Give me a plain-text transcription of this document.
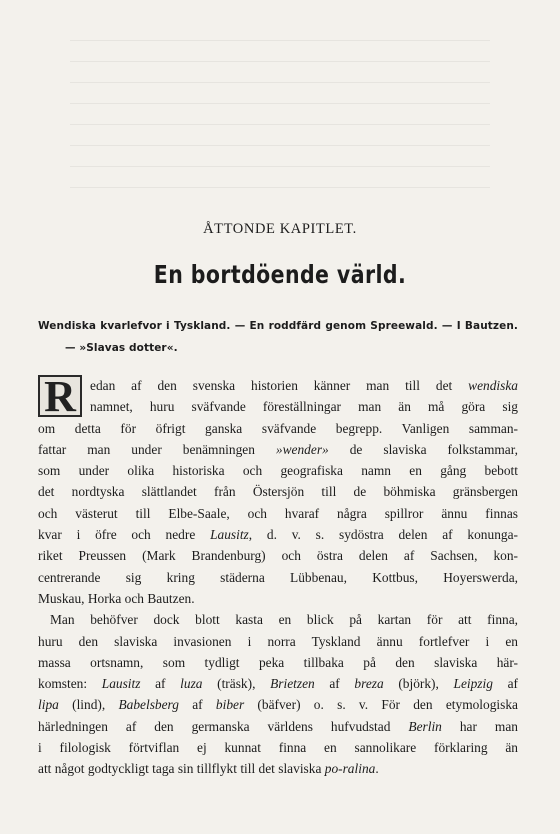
ÅTTONDE KAPITLET.
En bortdöende värld.
Wendiska kvarlefvor i Tyskland. — En roddfärd genom Spreewald. — I Bautzen.
— »Slavas dotter«.
R	edan af den svenska historien känner man till det wendiska
namnet, huru sväfvande föreställningar man än må göra sig
om detta för öfrigt ganska sväfvande begrepp. Vanligen samman-
fattar man under benämningen »wender» de slaviska folkstammar,
som under olika historiska och geografiska namn en gång bebott
det nordtyska slättlandet från Östersjön till de böhmiska gränsbergen
och västerut till Elbe-Saale, och hvaraf några spillror ännu finnas
kvar i öfre och nedre Lausitz, d. v. s. sydöstra delen af konunga-
riket Preussen (Mark Brandenburg) och östra delen af Sachsen, kon-
centrerande sig kring städerna Lübbenau, Kottbus, Hoyerswerda,
Muskau, Horka och Bautzen.
Man behöfver dock blott kasta en blick på kartan för att finna,
huru den slaviska invasionen i norra Tyskland ännu fortlefver i en
massa ortsnamn, som tydligt peka tillbaka på den slaviska här-
komsten: Lausitz af luza (träsk), Brietzen af breza (björk), Leipzig af
lipa (lind), Babelsberg af biber (bäfver) o. s. v. För den etymologiska
härledningen af den germanska världens hufvudstad Berlin har man
i filologisk förtviflan ej kunnat finna en sannolikare förklaring än
att något godtyckligt taga sin tillflykt till det slaviska po-ralina.
